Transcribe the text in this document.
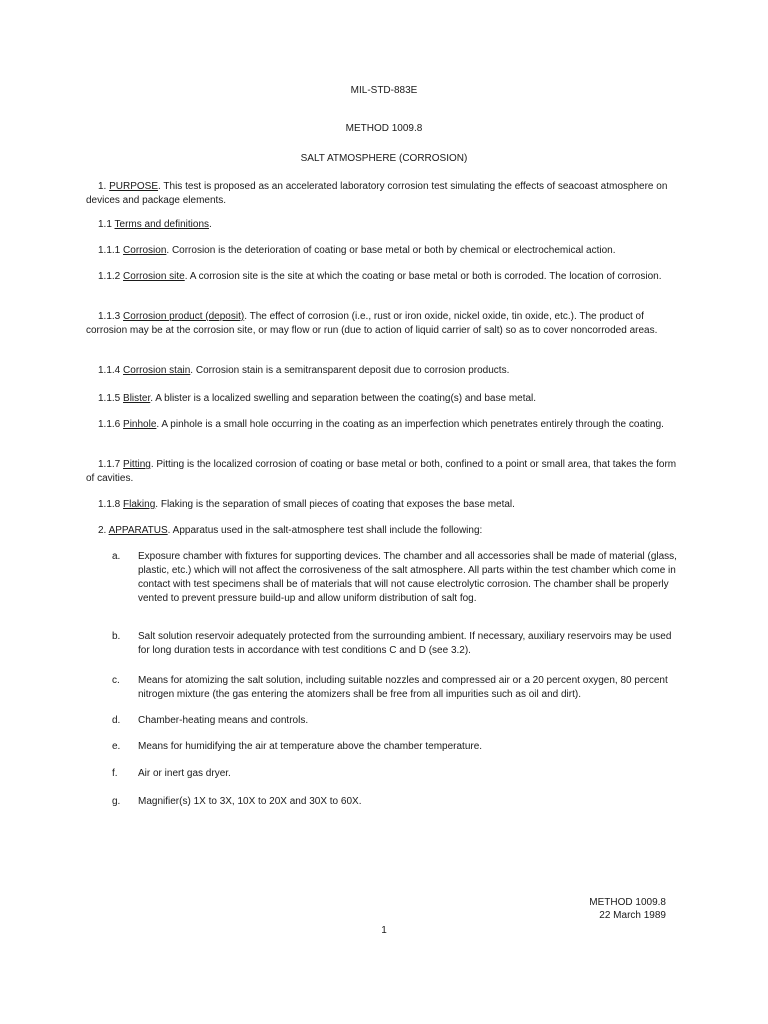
MIL-STD-883E
METHOD 1009.8
SALT ATMOSPHERE (CORROSION)
1. PURPOSE. This test is proposed as an accelerated laboratory corrosion test simulating the effects of seacoast atmosphere on devices and package elements.
1.1 Terms and definitions.
1.1.1 Corrosion. Corrosion is the deterioration of coating or base metal or both by chemical or electrochemical action.
1.1.2 Corrosion site. A corrosion site is the site at which the coating or base metal or both is corroded. The location of corrosion.
1.1.3 Corrosion product (deposit). The effect of corrosion (i.e., rust or iron oxide, nickel oxide, tin oxide, etc.). The product of corrosion may be at the corrosion site, or may flow or run (due to action of liquid carrier of salt) so as to cover noncorroded areas.
1.1.4 Corrosion stain. Corrosion stain is a semitransparent deposit due to corrosion products.
1.1.5 Blister. A blister is a localized swelling and separation between the coating(s) and base metal.
1.1.6 Pinhole. A pinhole is a small hole occurring in the coating as an imperfection which penetrates entirely through the coating.
1.1.7 Pitting. Pitting is the localized corrosion of coating or base metal or both, confined to a point or small area, that takes the form of cavities.
1.1.8 Flaking. Flaking is the separation of small pieces of coating that exposes the base metal.
2. APPARATUS. Apparatus used in the salt-atmosphere test shall include the following:
a.	Exposure chamber with fixtures for supporting devices. The chamber and all accessories shall be made of material (glass, plastic, etc.) which will not affect the corrosiveness of the salt atmosphere. All parts within the test chamber which come in contact with test specimens shall be of materials that will not cause electrolytic corrosion. The chamber shall be properly vented to prevent pressure build-up and allow uniform distribution of salt fog.
b.	Salt solution reservoir adequately protected from the surrounding ambient. If necessary, auxiliary reservoirs may be used for long duration tests in accordance with test conditions C and D (see 3.2).
c.	Means for atomizing the salt solution, including suitable nozzles and compressed air or a 20 percent oxygen, 80 percent nitrogen mixture (the gas entering the atomizers shall be free from all impurities such as oil and dirt).
d.	Chamber-heating means and controls.
e.	Means for humidifying the air at temperature above the chamber temperature.
f.	Air or inert gas dryer.
g.	Magnifier(s) 1X to 3X, 10X to 20X and 30X to 60X.
METHOD 1009.8
22 March 1989
1
